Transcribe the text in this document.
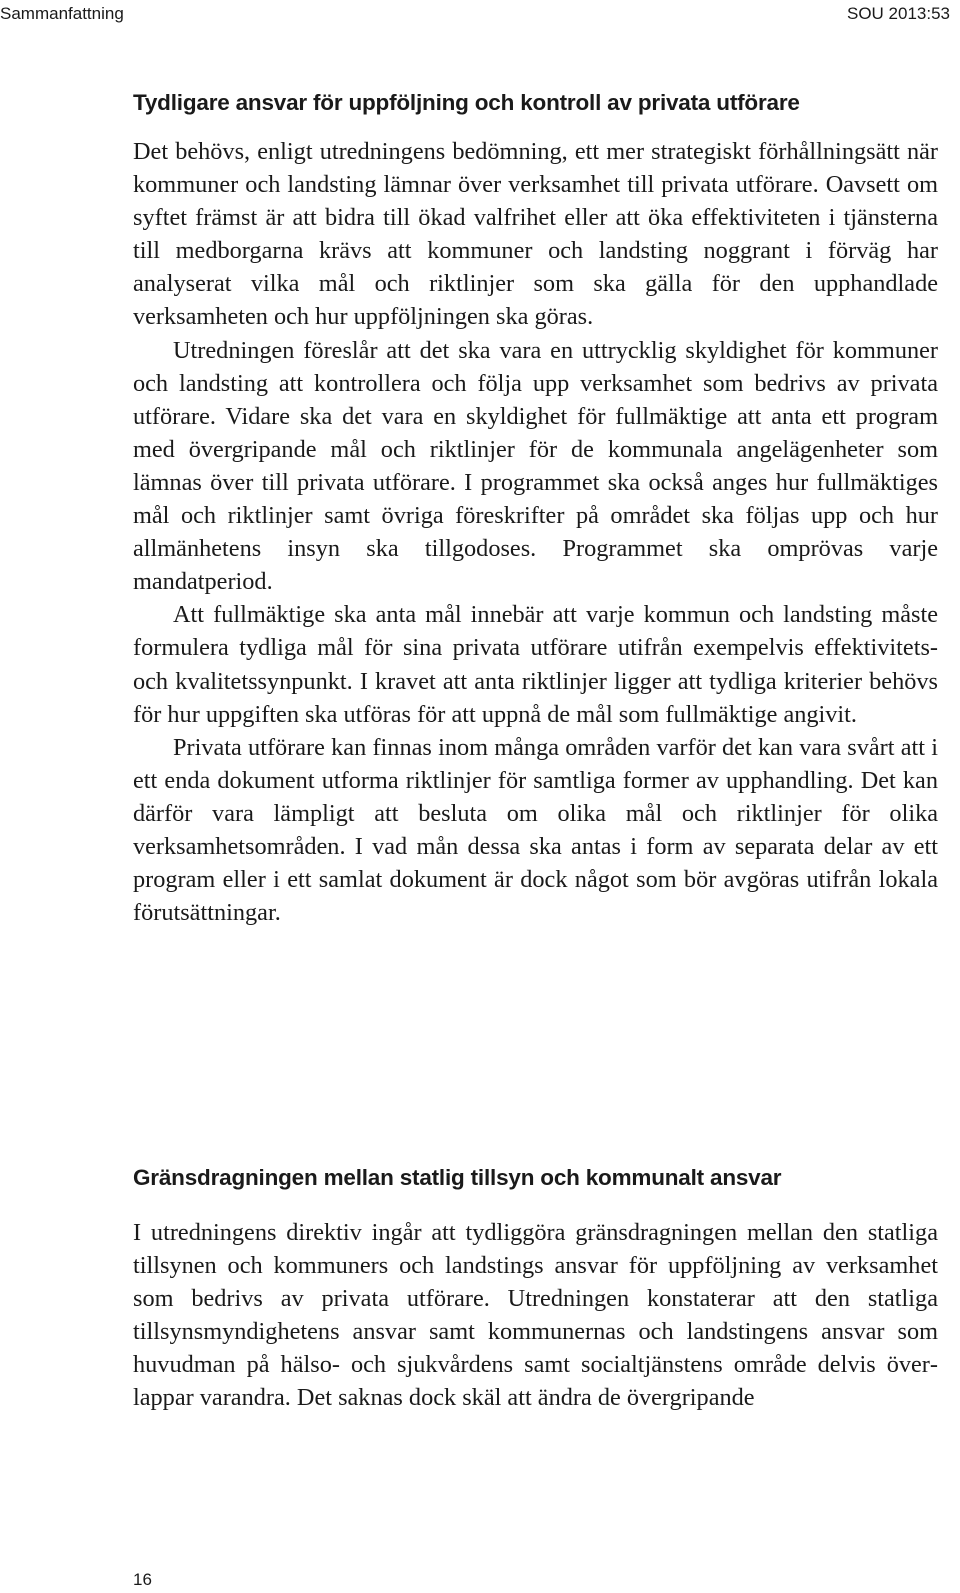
Sammanfattning	SOU 2013:53
Tydligare ansvar för uppföljning och kontroll av privata utförare

Det behövs, enligt utredningens bedömning, ett mer strategiskt förhållningsätt när kommuner och landsting lämnar över verksamhet till privata utförare. Oavsett om syftet främst är att bidra till ökad valfrihet eller att öka effektiviteten i tjänsterna till medborgarna krävs att kommuner och landsting noggrant i förväg har analyserat vilka mål och riktlinjer som ska gälla för den upphandlade verksamheten och hur uppföljningen ska göras.

Utredningen föreslår att det ska vara en uttrycklig skyldighet för kommuner och landsting att kontrollera och följa upp verksamhet som bedrivs av privata utförare. Vidare ska det vara en skyldighet för fullmäktige att anta ett program med övergripande mål och riktlinjer för de kommunala angelägenheter som lämnas över till privata utförare. I programmet ska också anges hur fullmäktiges mål och riktlinjer samt övriga föreskrifter på området ska följas upp och hur allmänhetens insyn ska tillgodoses. Programmet ska omprövas varje mandatperiod.

Att fullmäktige ska anta mål innebär att varje kommun och landsting måste formulera tydliga mål för sina privata utförare utifrån exempelvis effektivitets- och kvalitetssynpunkt. I kravet att anta riktlinjer ligger att tydliga kriterier behövs för hur uppgiften ska utföras för att uppnå de mål som fullmäktige angivit.

Privata utförare kan finnas inom många områden varför det kan vara svårt att i ett enda dokument utforma riktlinjer för samtliga former av upphandling. Det kan därför vara lämpligt att besluta om olika mål och riktlinjer för olika verksamhetsområden. I vad mån dessa ska antas i form av separata delar av ett program eller i ett samlat dokument är dock något som bör avgöras utifrån lokala förutsättningar.

Gränsdragningen mellan statlig tillsyn och kommunalt ansvar

I utredningens direktiv ingår att tydliggöra gränsdragningen mellan den statliga tillsynen och kommuners och landstings ansvar för uppföljning av verksamhet som bedrivs av privata utförare. Utredningen konstaterar att den statliga tillsynsmyndighetens ansvar samt kommunernas och landstingens ansvar som huvudman på hälso- och sjukvårdens samt socialtjänstens område delvis överlappar varandra. Det saknas dock skäl att ändra de övergripande

16
